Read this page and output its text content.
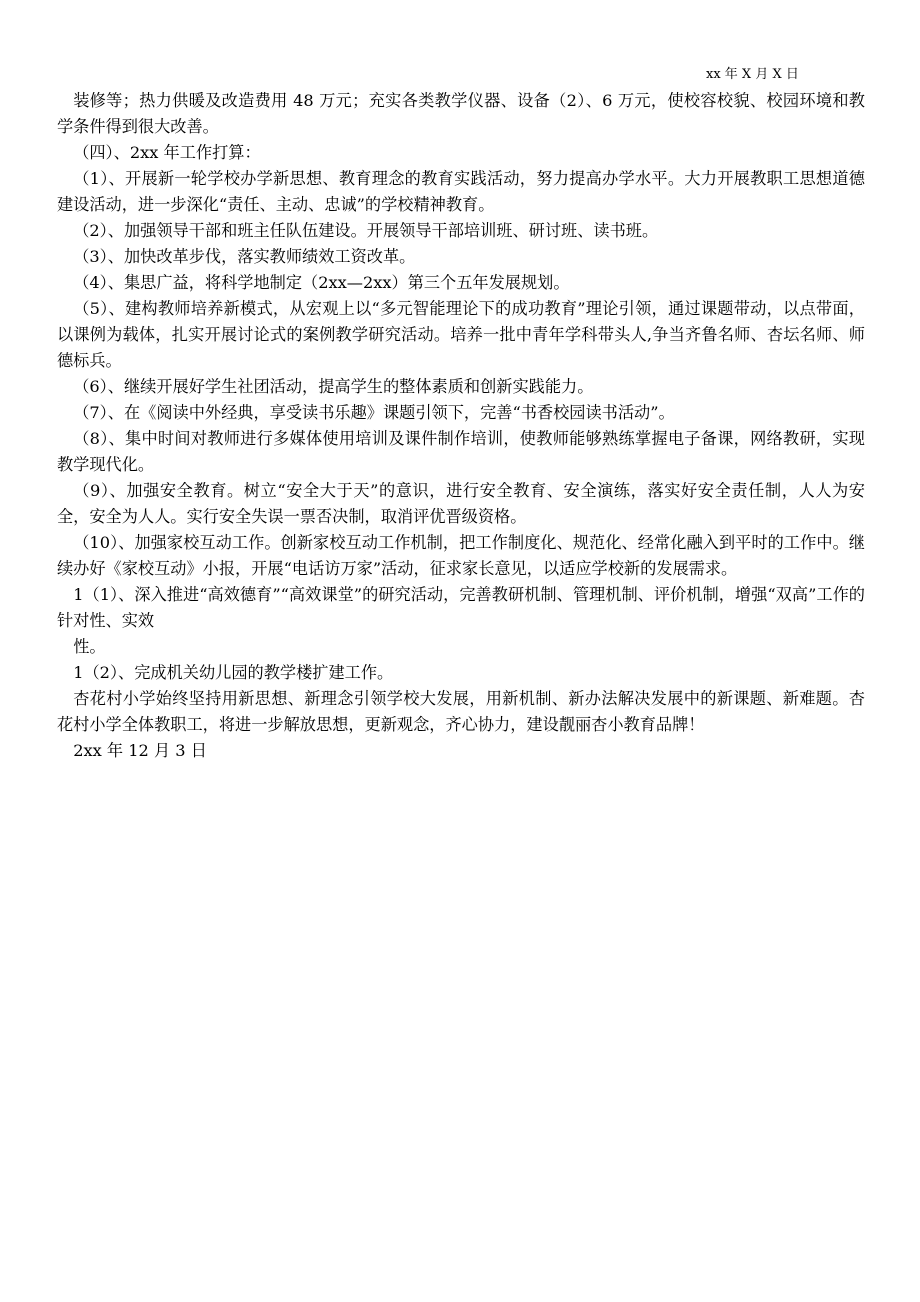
xx 年 X 月 X 日

装修等；热力供暖及改造费用 48 万元；充实各类教学仪器、设备（2）、6 万元，使校容校貌、校园环境和教学条件得到很大改善。

（四）、2xx 年工作打算：

（1）、开展新一轮学校办学新思想、教育理念的教育实践活动，努力提高办学水平。大力开展教职工思想道德建设活动，进一步深化“责任、主动、忠诚”的学校精神教育。

（2）、加强领导干部和班主任队伍建设。开展领导干部培训班、研讨班、读书班。

（3）、加快改革步伐，落实教师绩效工资改革。

（4）、集思广益，将科学地制定（2xx—2xx）第三个五年发展规划。

（5）、建构教师培养新模式，从宏观上以“多元智能理论下的成功教育”理论引领，通过课题带动，以点带面，以课例为载体，扎实开展讨论式的案例教学研究活动。培养一批中青年学科带头人,争当齐鲁名师、杏坛名师、师德标兵。

（6）、继续开展好学生社团活动，提高学生的整体素质和创新实践能力。

（7）、在《阅读中外经典，享受读书乐趣》课题引领下，完善“书香校园读书活动”。

（8）、集中时间对教师进行多媒体使用培训及课件制作培训，使教师能够熟练掌握电子备课，网络教研，实现教学现代化。

（9）、加强安全教育。树立“安全大于天”的意识，进行安全教育、安全演练，落实好安全责任制，人人为安全，安全为人人。实行安全失误一票否决制，取消评优晋级资格。

（10）、加强家校互动工作。创新家校互动工作机制，把工作制度化、规范化、经常化融入到平时的工作中。继续办好《家校互动》小报，开展“电话访万家”活动，征求家长意见，以适应学校新的发展需求。

1（1）、深入推进“高效德育”“高效课堂”的研究活动，完善教研机制、管理机制、评价机制，增强“双高”工作的针对性、实效

性。

1（2）、完成机关幼儿园的教学楼扩建工作。

杏花村小学始终坚持用新思想、新理念引领学校大发展，用新机制、新办法解决发展中的新课题、新难题。杏花村小学全体教职工，将进一步解放思想，更新观念，齐心协力，建设靓丽杏小教育品牌！

2xx 年 12 月 3 日
